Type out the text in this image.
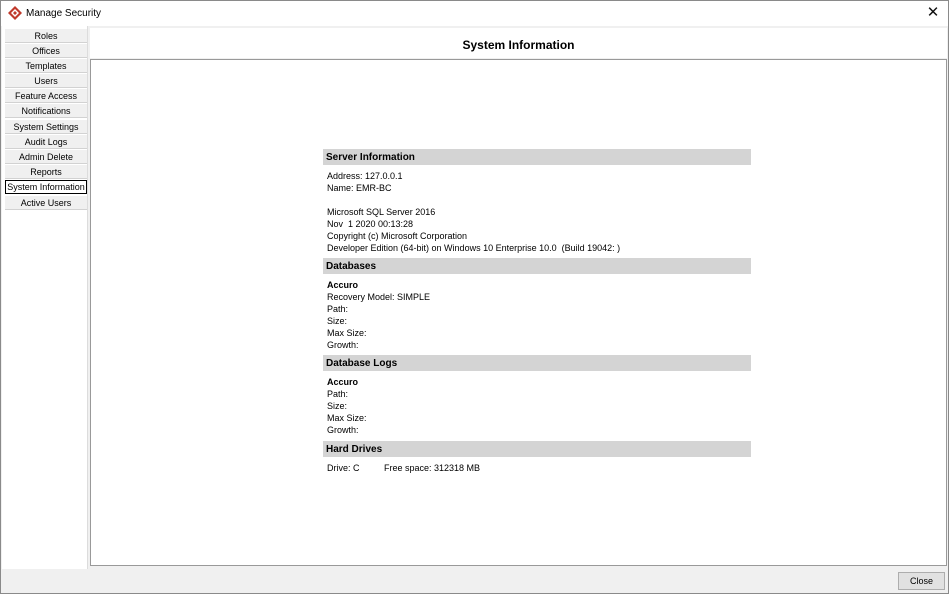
Manage Security	✕
Roles
Offices
Templates
Users
Feature Access
Notifications
System Settings
Audit Logs
Admin Delete
Reports
System Information
Active Users
System Information
Server Information
Address: 127.0.0.1
Name: EMR-BC
Microsoft SQL Server 2016
Nov  1 2020 00:13:28
Copyright (c) Microsoft Corporation
Developer Edition (64-bit) on Windows 10 Enterprise 10.0  (Build 19042: )
Databases
Accuro
Recovery Model: SIMPLE
Path:
Size:
Max Size:
Growth:
Database Logs
Accuro
Path:
Size:
Max Size:
Growth:
Hard Drives
Drive: C	Free space: 312318 MB
Close
